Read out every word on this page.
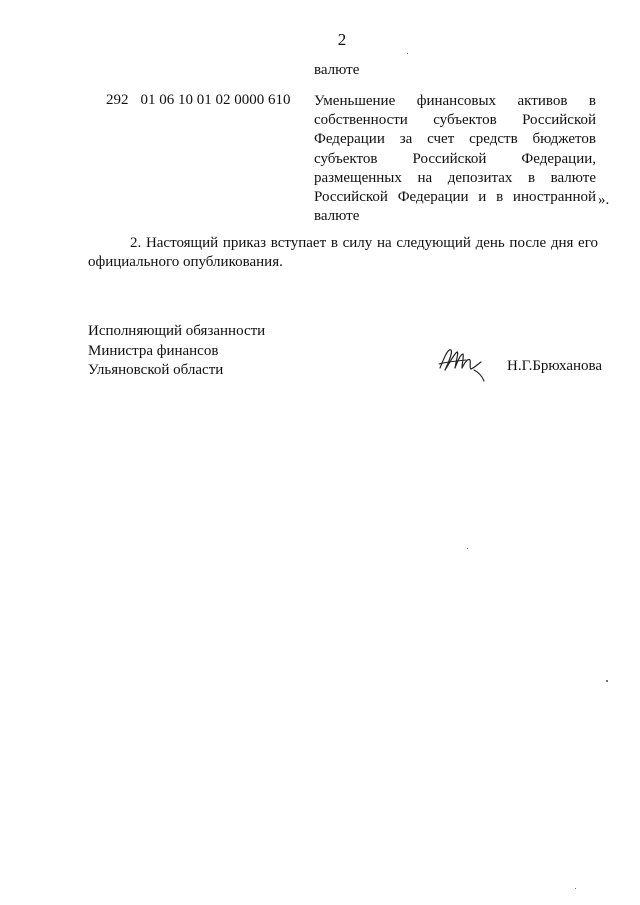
2
валюте
292 01 06 10 01 02 0000 610 Уменьшение финансовых активов в собственности субъектов Российской Федерации за счет средств бюджетов субъектов Российской Федерации, размещенных на депозитах в валюте Российской Федерации и в иностранной валюте
».
2. Настоящий приказ вступает в силу на следующий день после дня его официального опубликования.
Исполняющий обязанности
Министра финансов
Ульяновской области	Н.Г.Брюханова
